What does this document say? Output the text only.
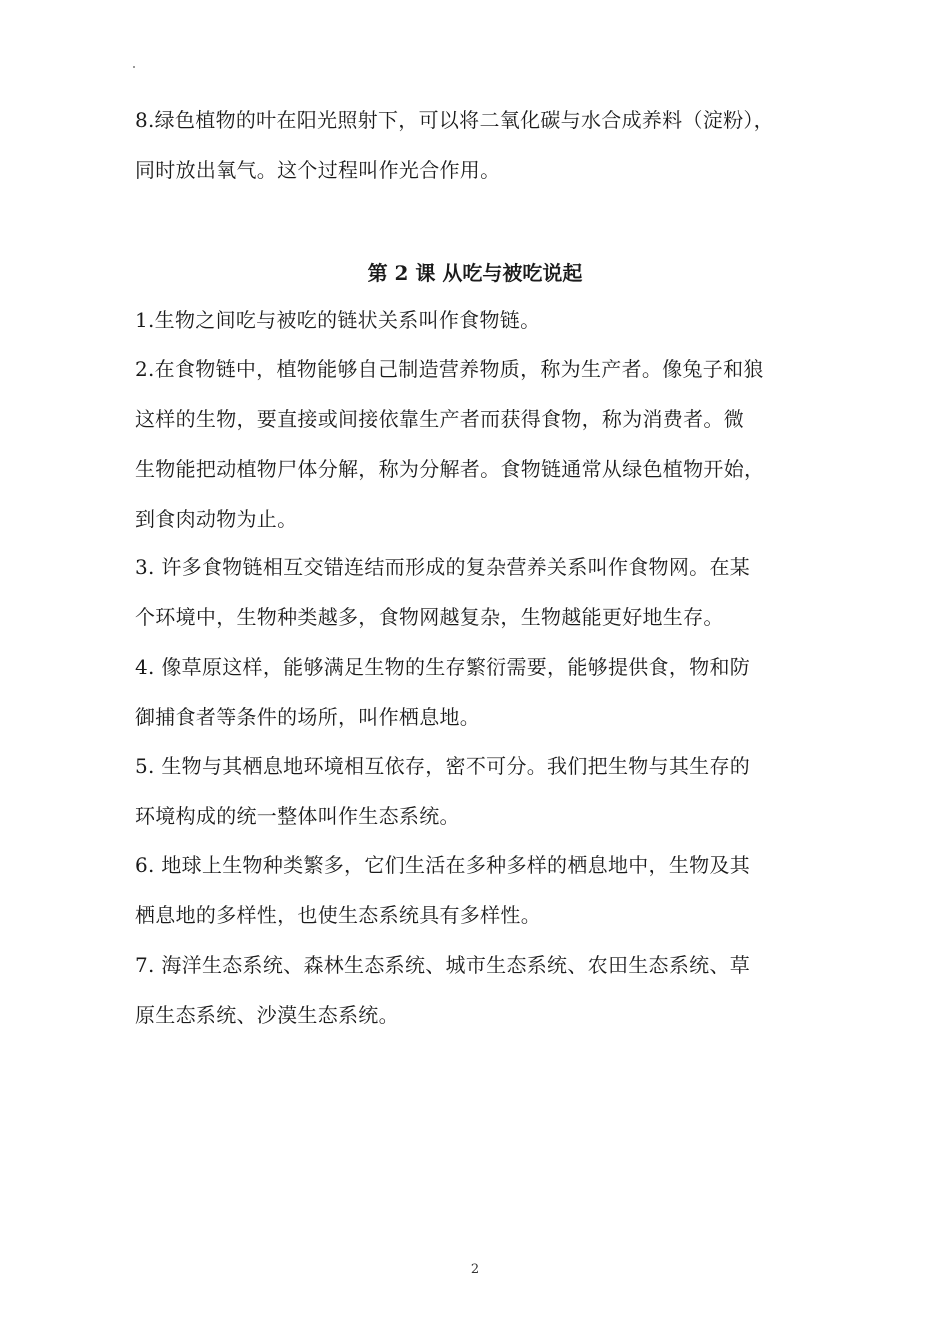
8.绿色植物的叶在阳光照射下，可以将二氧化碳与水合成养料（淀粉），
同时放出氧气。这个过程叫作光合作用。

第 2 课 从吃与被吃说起

1.生物之间吃与被吃的链状关系叫作食物链。

2.在食物链中，植物能够自己制造营养物质，称为生产者。像兔子和狼
这样的生物，要直接或间接依靠生产者而获得食物，称为消费者。微
生物能把动植物尸体分解，称为分解者。食物链通常从绿色植物开始，
到食肉动物为止。

3. 许多食物链相互交错连结而形成的复杂营养关系叫作食物网。在某
个环境中，生物种类越多，食物网越复杂，生物越能更好地生存。

4. 像草原这样，能够满足生物的生存繁衍需要，能够提供食，物和防
御捕食者等条件的场所，叫作栖息地。

5. 生物与其栖息地环境相互依存，密不可分。我们把生物与其生存的
环境构成的统一整体叫作生态系统。

6. 地球上生物种类繁多，它们生活在多种多样的栖息地中，生物及其
栖息地的多样性，也使生态系统具有多样性。

7. 海洋生态系统、森林生态系统、城市生态系统、农田生态系统、草
原生态系统、沙漠生态系统。

2
